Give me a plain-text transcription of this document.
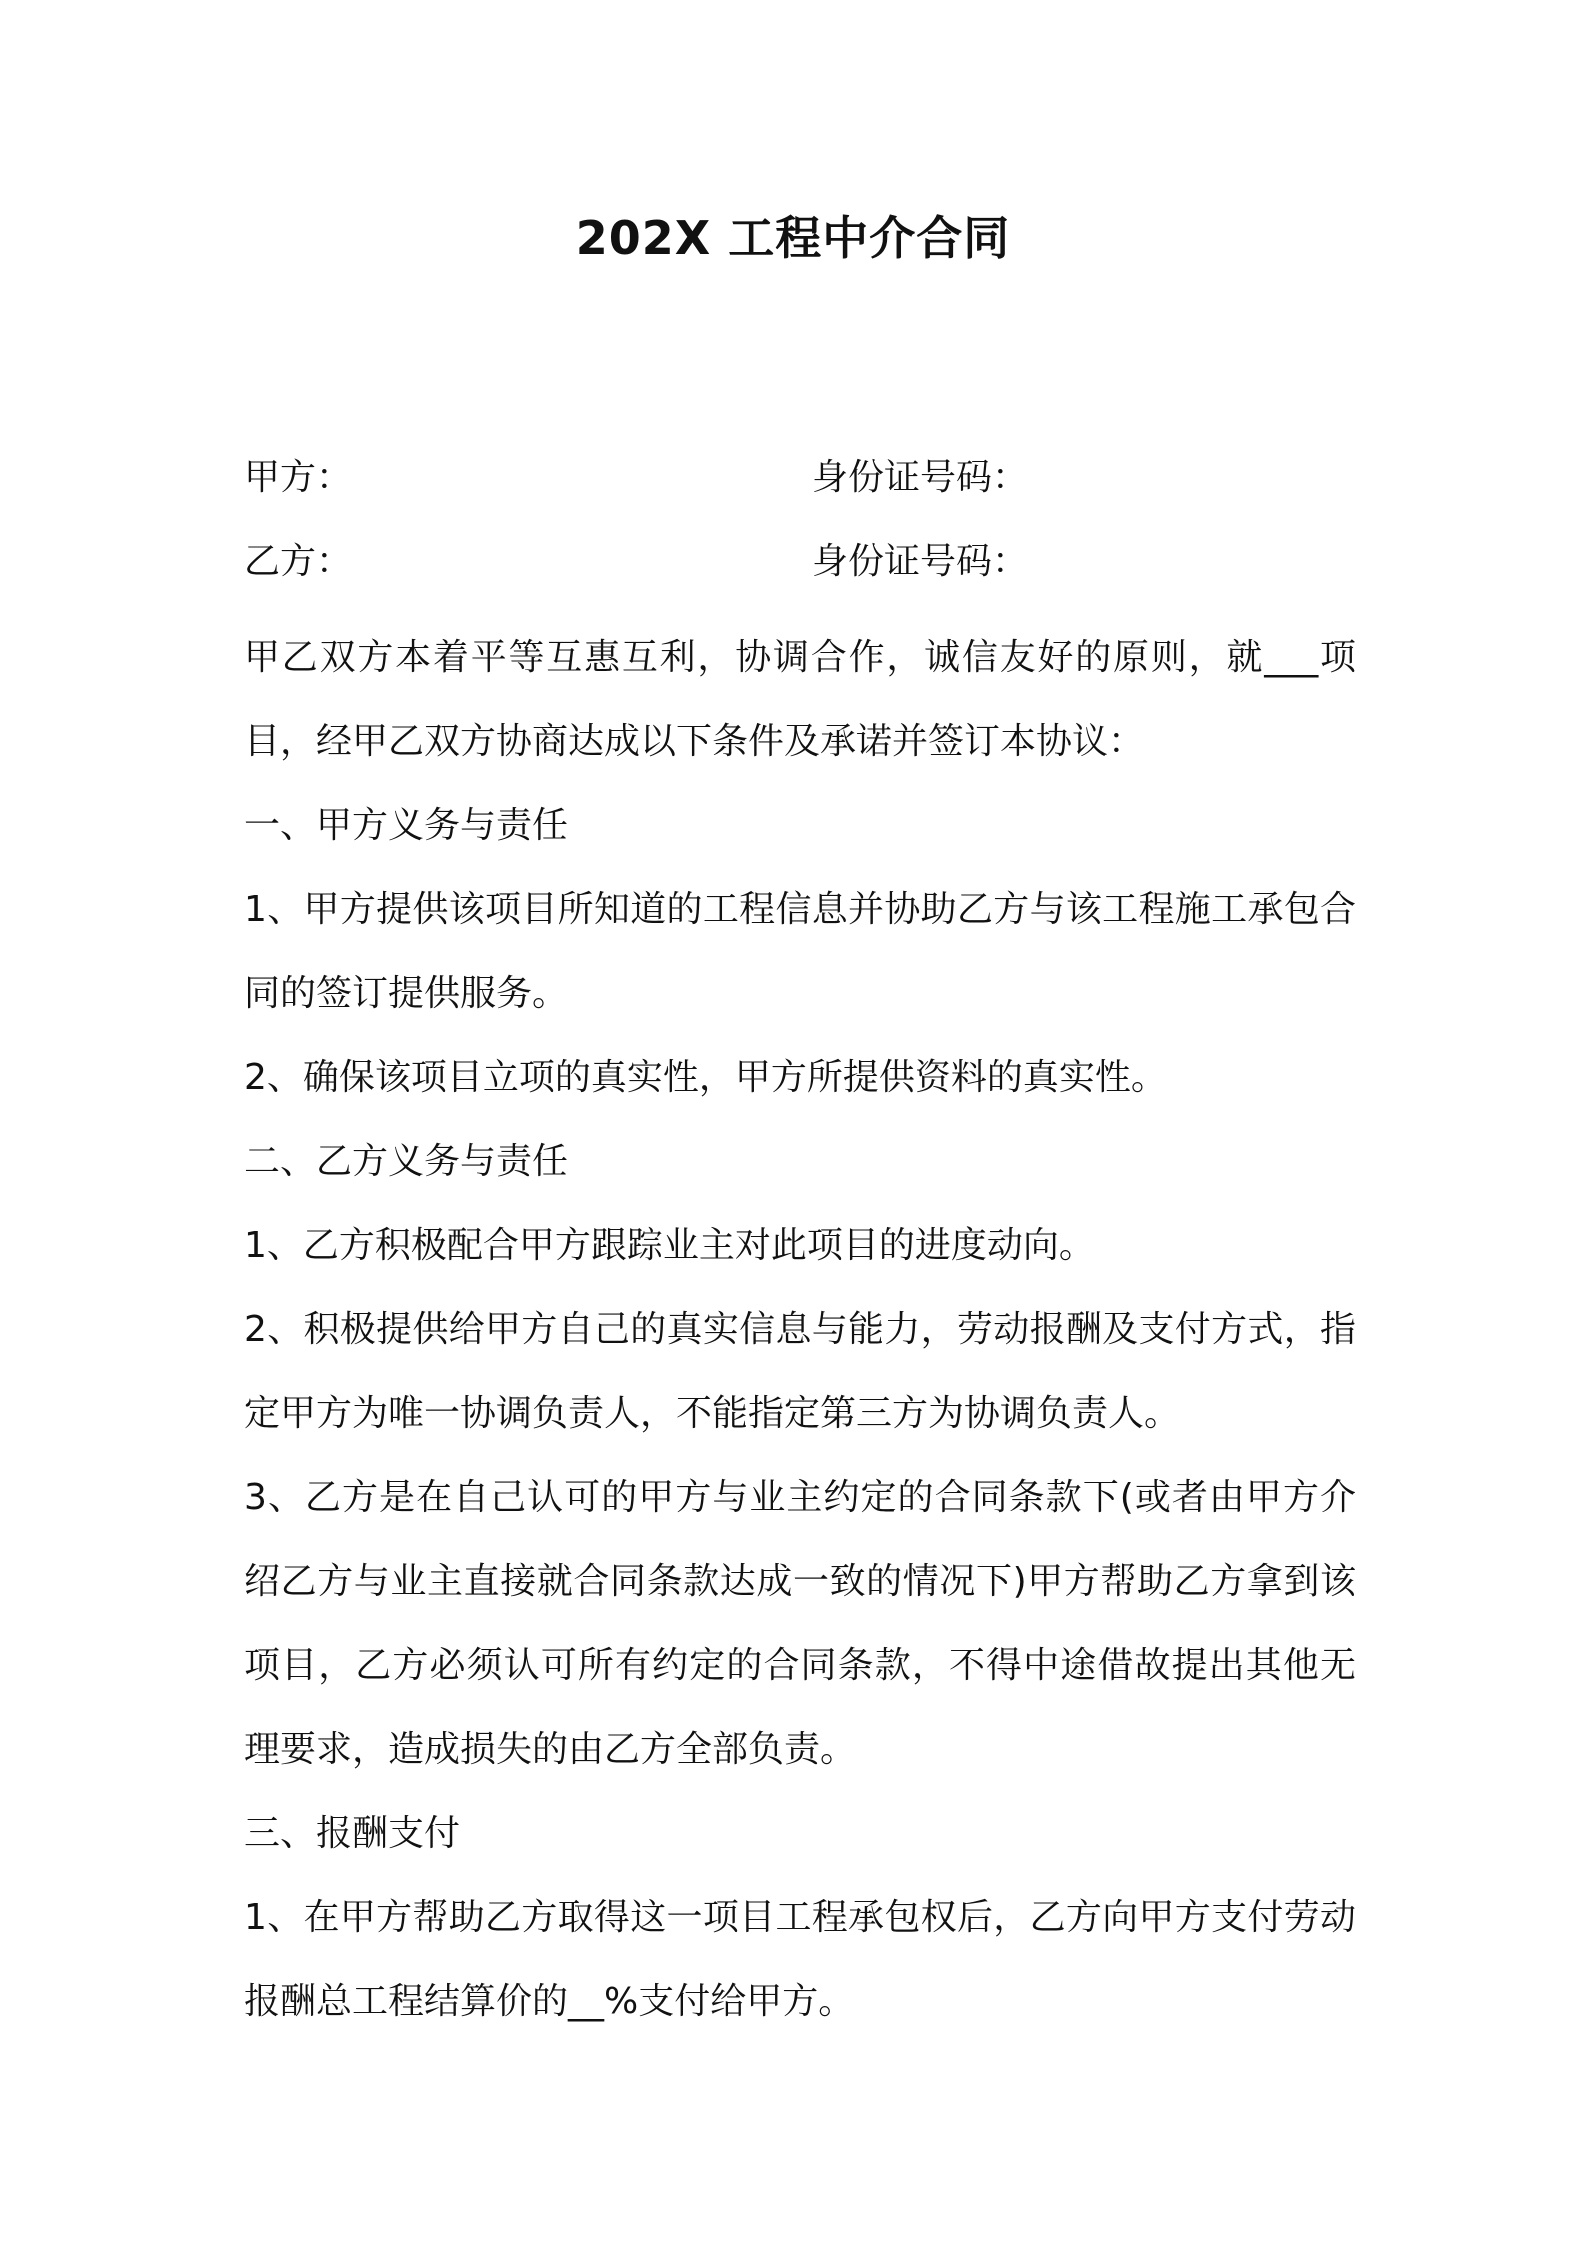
202X 工程中介合同
甲方：	身份证号码：
乙方：	身份证号码：

甲乙双方本着平等互惠互利，协调合作，诚信友好的原则，就___项目，经甲乙双方协商达成以下条件及承诺并签订本协议：

一、甲方义务与责任

1、甲方提供该项目所知道的工程信息并协助乙方与该工程施工承包合同的签订提供服务。

2、确保该项目立项的真实性，甲方所提供资料的真实性。

二、乙方义务与责任

1、乙方积极配合甲方跟踪业主对此项目的进度动向。

2、积极提供给甲方自己的真实信息与能力，劳动报酬及支付方式，指定甲方为唯一协调负责人，不能指定第三方为协调负责人。

3、乙方是在自己认可的甲方与业主约定的合同条款下(或者由甲方介绍乙方与业主直接就合同条款达成一致的情况下)甲方帮助乙方拿到该项目，乙方必须认可所有约定的合同条款，不得中途借故提出其他无理要求，造成损失的由乙方全部负责。

三、报酬支付

1、在甲方帮助乙方取得这一项目工程承包权后，乙方向甲方支付劳动报酬总工程结算价的__%支付给甲方。
